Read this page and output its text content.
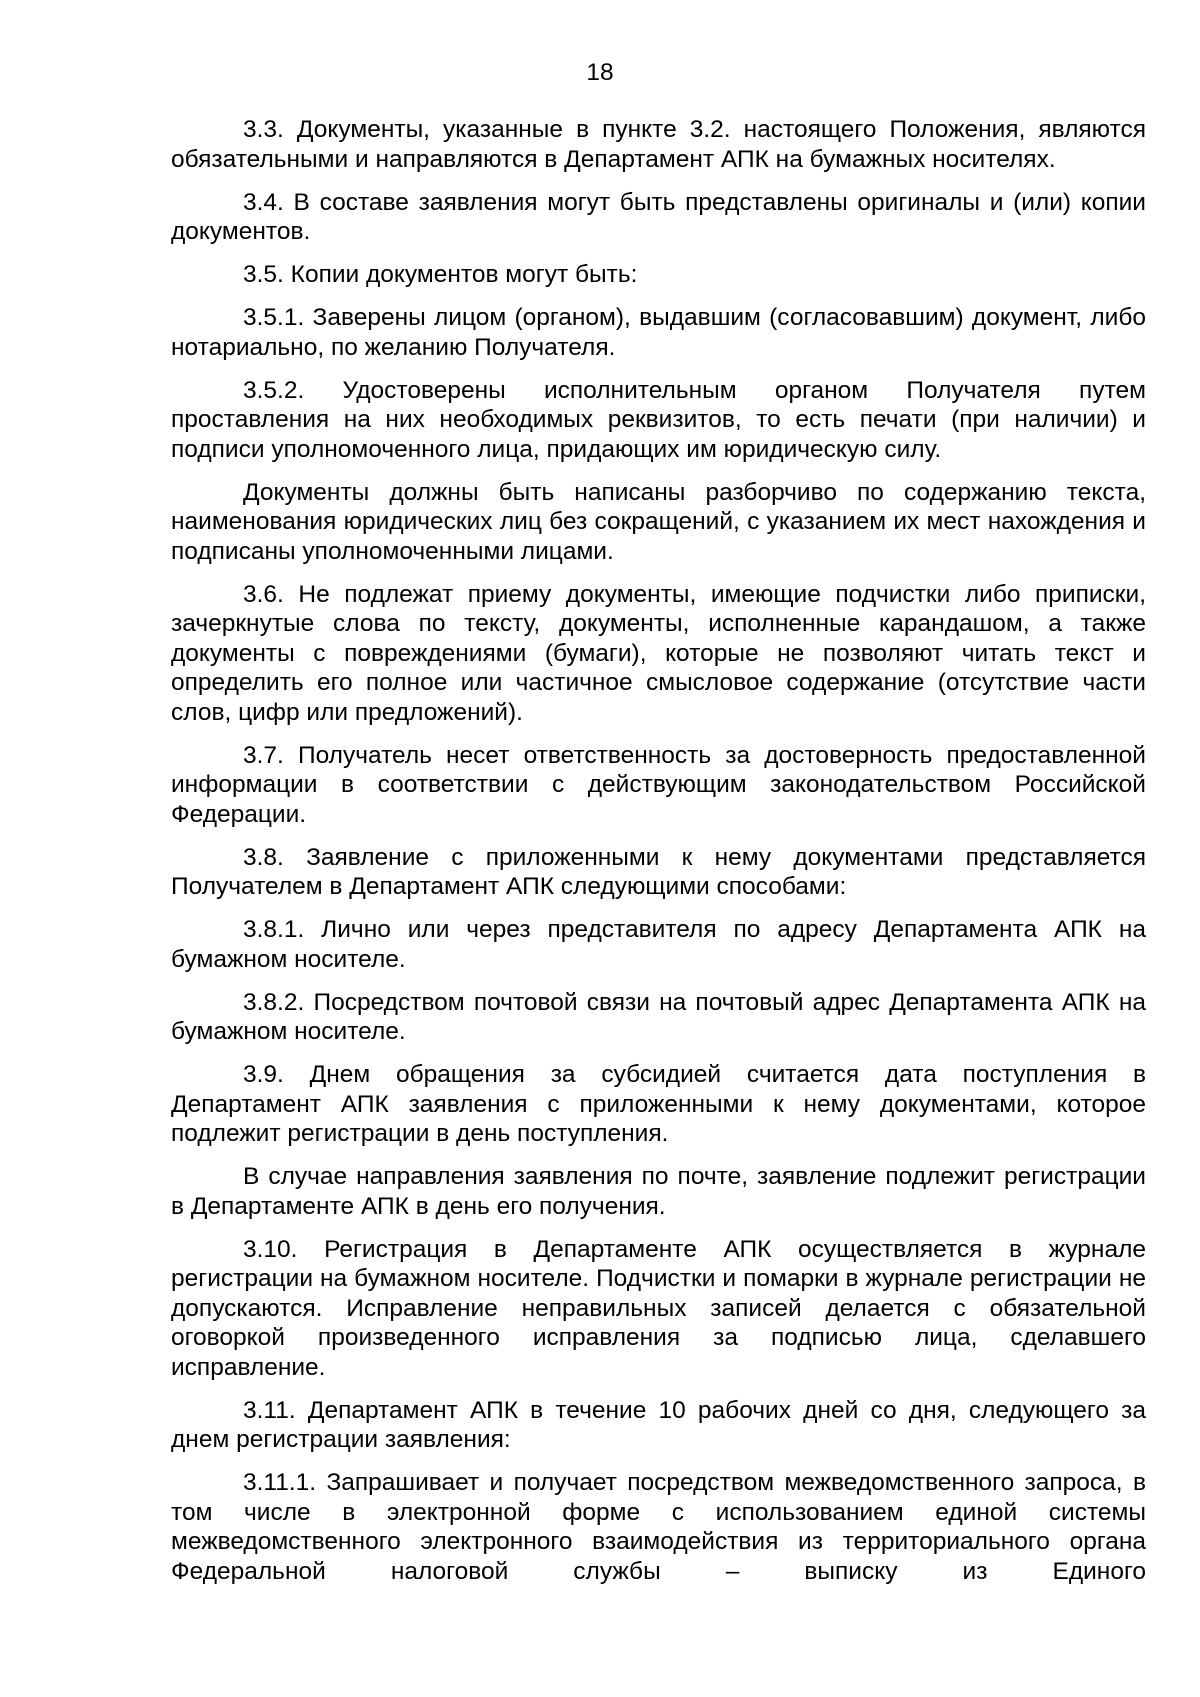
18

3.3. Документы, указанные в пункте 3.2. настоящего Положения, являются обязательными и направляются в Департамент АПК на бумажных носителях.

3.4. В составе заявления могут быть представлены оригиналы и (или) копии документов.

3.5. Копии документов могут быть:

3.5.1. Заверены лицом (органом), выдавшим (согласовавшим) документ, либо нотариально, по желанию Получателя.

3.5.2. Удостоверены исполнительным органом Получателя путем проставления на них необходимых реквизитов, то есть печати (при наличии) и подписи уполномоченного лица, придающих им юридическую силу.

Документы должны быть написаны разборчиво по содержанию текста, наименования юридических лиц без сокращений, с указанием их мест нахождения и подписаны уполномоченными лицами.

3.6. Не подлежат приему документы, имеющие подчистки либо приписки, зачеркнутые слова по тексту, документы, исполненные карандашом, а также документы с повреждениями (бумаги), которые не позволяют читать текст и определить его полное или частичное смысловое содержание (отсутствие части слов, цифр или предложений).

3.7. Получатель несет ответственность за достоверность предоставленной информации в соответствии с действующим законодательством Российской Федерации.

3.8. Заявление с приложенными к нему документами представляется Получателем в Департамент АПК следующими способами:

3.8.1. Лично или через представителя по адресу Департамента АПК на бумажном носителе.

3.8.2. Посредством почтовой связи на почтовый адрес Департамента АПК на бумажном носителе.

3.9. Днем обращения за субсидией считается дата поступления в Департамент АПК заявления с приложенными к нему документами, которое подлежит регистрации в день поступления.

В случае направления заявления по почте, заявление подлежит регистрации в Департаменте АПК в день его получения.

3.10. Регистрация в Департаменте АПК осуществляется в журнале регистрации на бумажном носителе. Подчистки и помарки в журнале регистрации не допускаются. Исправление неправильных записей делается с обязательной оговоркой произведенного исправления за подписью лица, сделавшего исправление.

3.11. Департамент АПК в течение 10 рабочих дней со дня, следующего за днем регистрации заявления:

3.11.1. Запрашивает и получает посредством межведомственного запроса, в том числе в электронной форме с использованием единой системы межведомственного электронного взаимодействия из территориального органа Федеральной налоговой службы – выписку из Единого
